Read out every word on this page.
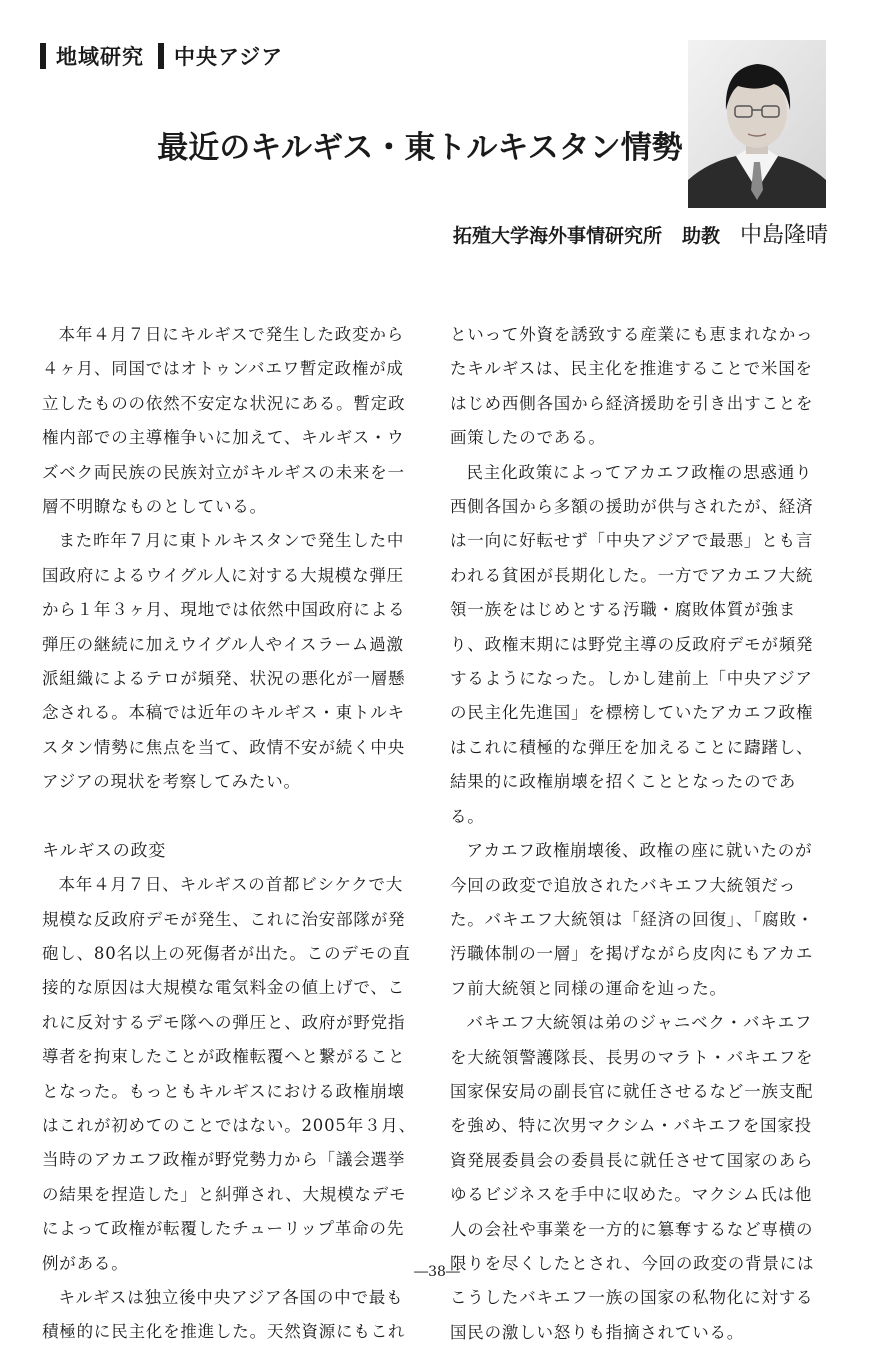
地域研究 中央アジア
最近のキルギス・東トルキスタン情勢
拓殖大学海外事情研究所 助教 中島隆晴

本年４月７日にキルギスで発生した政変から４ヶ月、同国ではオトゥンバエワ暫定政権が成立したものの依然不安定な状況にある。暫定政権内部での主導権争いに加えて、キルギス・ウズベク両民族の民族対立がキルギスの未来を一層不明瞭なものとしている。

また昨年７月に東トルキスタンで発生した中国政府によるウイグル人に対する大規模な弾圧から１年３ヶ月、現地では依然中国政府による弾圧の継続に加えウイグル人やイスラーム過激派組織によるテロが頻発、状況の悪化が一層懸念される。本稿では近年のキルギス・東トルキスタン情勢に焦点を当て、政情不安が続く中央アジアの現状を考察してみたい。

キルギスの政変

本年４月７日、キルギスの首都ビシケクで大規模な反政府デモが発生、これに治安部隊が発砲し、80名以上の死傷者が出た。このデモの直接的な原因は大規模な電気料金の値上げで、これに反対するデモ隊への弾圧と、政府が野党指導者を拘束したことが政権転覆へと繋がることとなった。もっともキルギスにおける政権崩壊はこれが初めてのことではない。2005年３月、当時のアカエフ政権が野党勢力から「議会選挙の結果を捏造した」と糾弾され、大規模なデモによって政権が転覆したチューリップ革命の先例がある。

キルギスは独立後中央アジア各国の中で最も積極的に民主化を推進した。天然資源にもこれ

といって外資を誘致する産業にも恵まれなかったキルギスは、民主化を推進することで米国をはじめ西側各国から経済援助を引き出すことを画策したのである。

民主化政策によってアカエフ政権の思惑通り西側各国から多額の援助が供与されたが、経済は一向に好転せず「中央アジアで最悪」とも言われる貧困が長期化した。一方でアカエフ大統領一族をはじめとする汚職・腐敗体質が強まり、政権末期には野党主導の反政府デモが頻発するようになった。しかし建前上「中央アジアの民主化先進国」を標榜していたアカエフ政権はこれに積極的な弾圧を加えることに躊躇し、結果的に政権崩壊を招くこととなったのである。

アカエフ政権崩壊後、政権の座に就いたのが今回の政変で追放されたバキエフ大統領だった。バキエフ大統領は「経済の回復」、「腐敗・汚職体制の一層」を掲げながら皮肉にもアカエフ前大統領と同様の運命を辿った。

バキエフ大統領は弟のジャニベク・バキエフを大統領警護隊長、長男のマラト・バキエフを国家保安局の副長官に就任させるなど一族支配を強め、特に次男マクシム・バキエフを国家投資発展委員会の委員長に就任させて国家のあらゆるビジネスを手中に収めた。マクシム氏は他人の会社や事業を一方的に簒奪するなど専横の限りを尽くしたとされ、今回の政変の背景にはこうしたバキエフ一族の国家の私物化に対する国民の激しい怒りも指摘されている。

―38―
